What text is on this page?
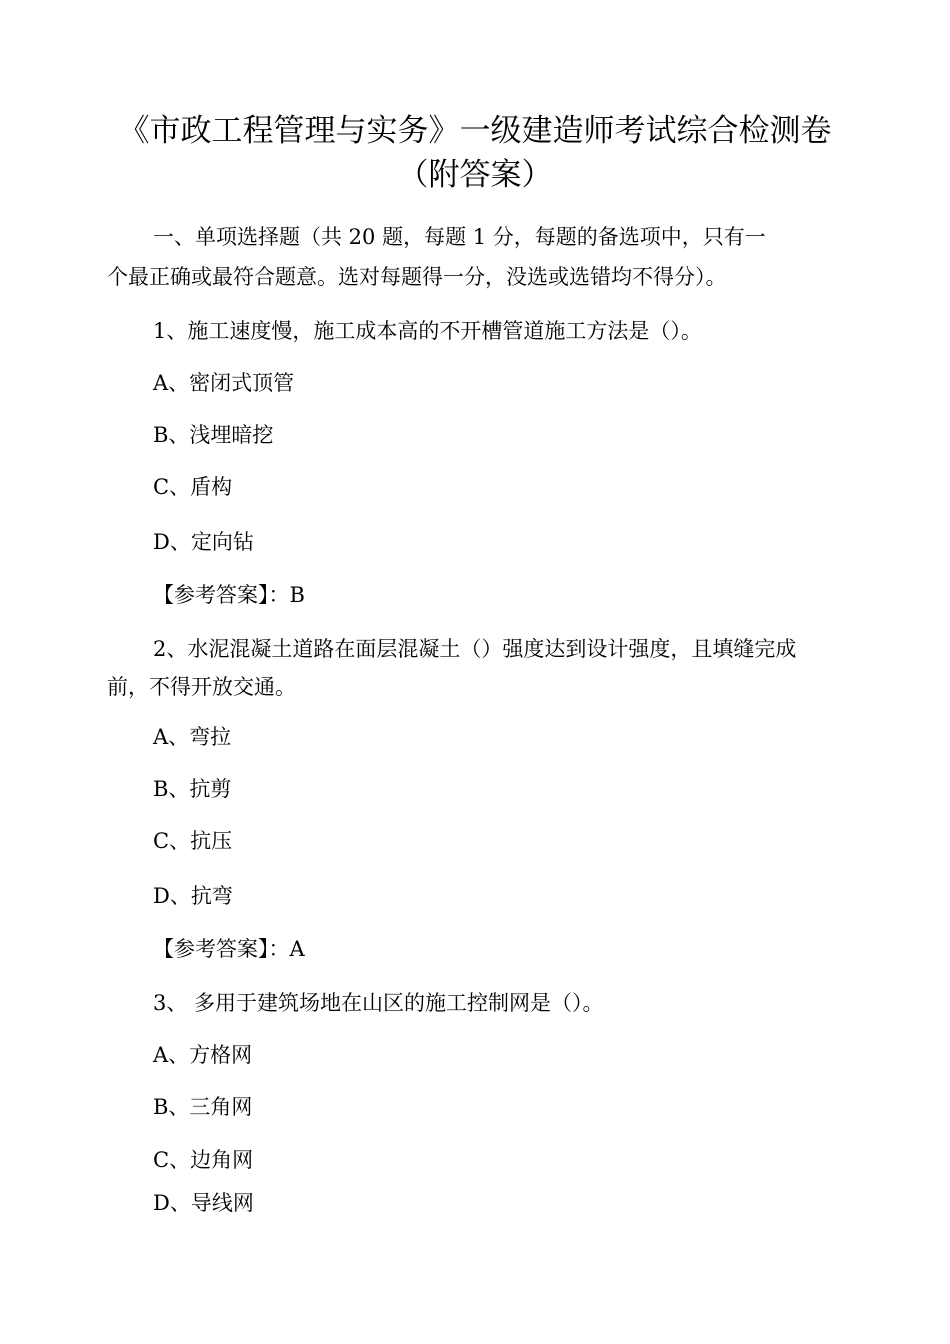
《市政工程管理与实务》一级建造师考试综合检测卷
（附答案）
一、单项选择题（共 20 题，每题 1 分，每题的备选项中，只有一
个最正确或最符合题意。选对每题得一分，没选或选错均不得分）。
1、施工速度慢，施工成本高的不开槽管道施工方法是（）。
A、密闭式顶管
B、浅埋暗挖
C、盾构
D、定向钻
【参考答案】：B
2、水泥混凝土道路在面层混凝土（）强度达到设计强度，且填缝完成
前，不得开放交通。
A、弯拉
B、抗剪
C、抗压
D、抗弯
【参考答案】：A
3、 多用于建筑场地在山区的施工控制网是（）。
A、方格网
B、三角网
C、边角网
D、导线网
